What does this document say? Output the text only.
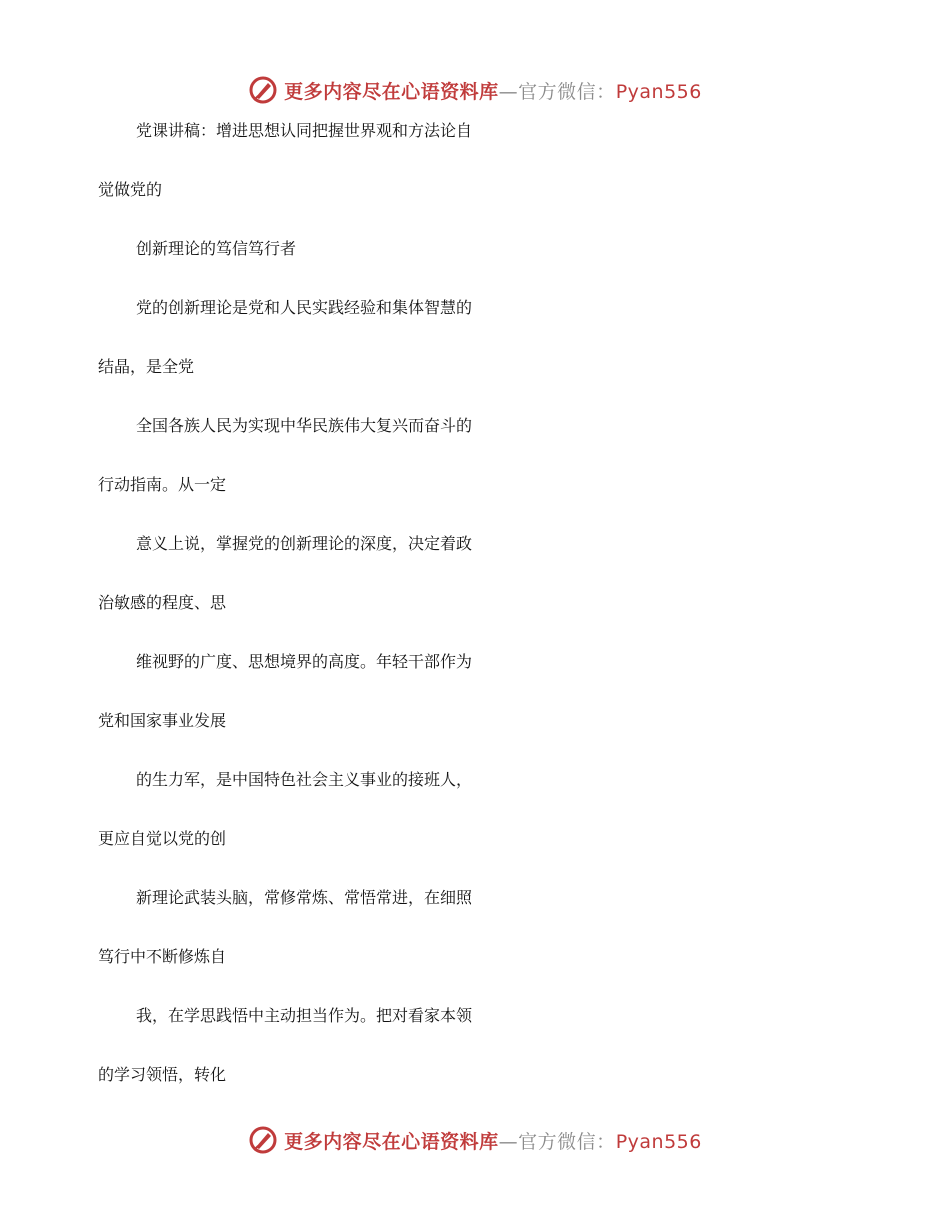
更多内容尽在心语资料库—官方微信：Pyan556
党课讲稿：增进思想认同把握世界观和方法论自
觉做党的
创新理论的笃信笃行者
党的创新理论是党和人民实践经验和集体智慧的
结晶，是全党
全国各族人民为实现中华民族伟大复兴而奋斗的
行动指南。从一定
意义上说，掌握党的创新理论的深度，决定着政
治敏感的程度、思
维视野的广度、思想境界的高度。年轻干部作为
党和国家事业发展
的生力军，是中国特色社会主义事业的接班人，
更应自觉以党的创
新理论武装头脑，常修常炼、常悟常进，在细照
笃行中不断修炼自
我，在学思践悟中主动担当作为。把对看家本领
的学习领悟，转化
更多内容尽在心语资料库—官方微信：Pyan556
